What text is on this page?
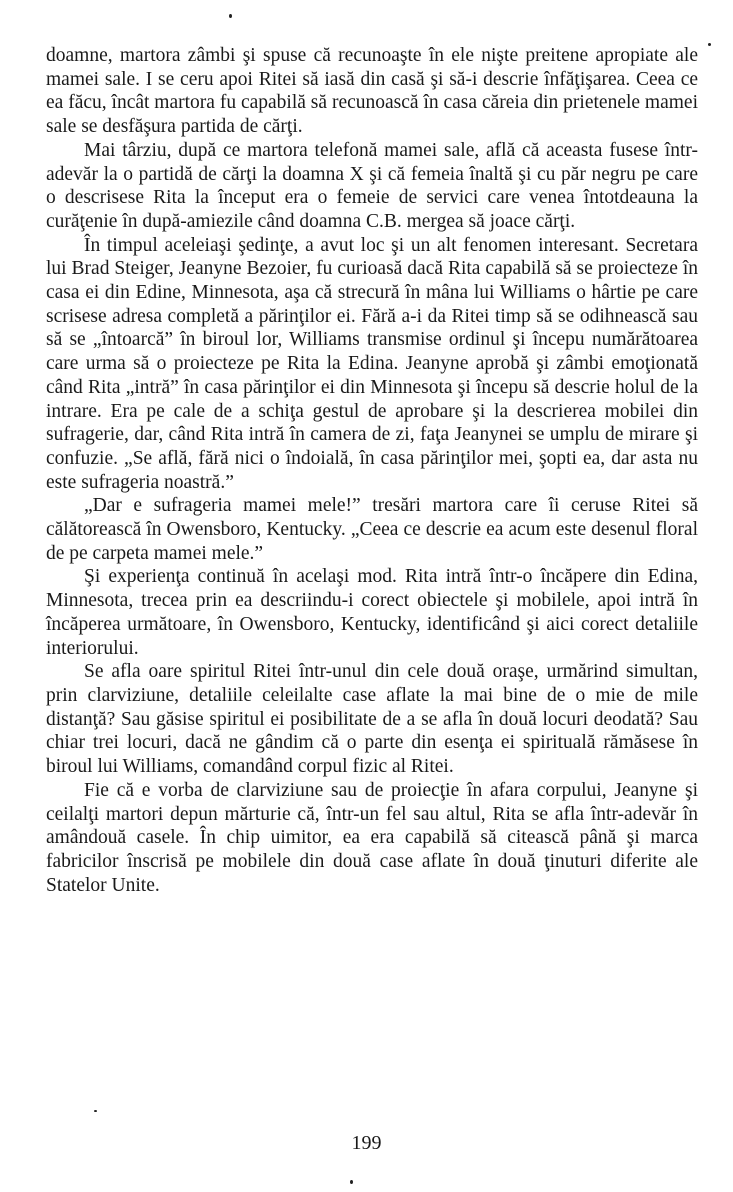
doamne, martora zâmbi şi spuse că recunoaşte în ele nişte preitene apropiate ale mamei sale. I se ceru apoi Ritei să iasă din casă şi să-i descrie înfăţişarea. Ceea ce ea făcu, încât martora fu capabilă să recunoască în casa căreia din prietenele mamei sale se desfăşura partida de cărţi.

Mai târziu, după ce martora telefonă mamei sale, află că aceasta fusese într-adevăr la o partidă de cărţi la doamna X şi că femeia înaltă şi cu păr negru pe care o descrisese Rita la început era o femeie de servici care venea întotdeauna la curăţenie în după-amiezile când doamna C.B. mergea să joace cărţi.

În timpul aceleiaşi şedinţe, a avut loc şi un alt fenomen interesant. Secretara lui Brad Steiger, Jeanyne Bezoier, fu curioasă dacă Rita capabilă să se proiecteze în casa ei din Edine, Minnesota, aşa că strecură în mâna lui Williams o hârtie pe care scrisese adresa completă a părinţilor ei. Fără a-i da Ritei timp să se odihnească sau să se „întoarcă” în biroul lor, Williams transmise ordinul şi începu numărătoarea care urma să o proiecteze pe Rita la Edina. Jeanyne aprobă şi zâmbi emoţionată când Rita „intră” în casa părinţilor ei din Minnesota şi începu să descrie holul de la intrare. Era pe cale de a schiţa gestul de aprobare şi la descrierea mobilei din sufragerie, dar, când Rita intră în camera de zi, faţa Jeanynei se umplu de mirare şi confuzie. „Se află, fără nici o îndoială, în casa părinţilor mei, şopti ea, dar asta nu este sufrageria noastră.”

„Dar e sufrageria mamei mele!” tresări martora care îi ceruse Ritei să călătorească în Owensboro, Kentucky. „Ceea ce descrie ea acum este desenul floral de pe carpeta mamei mele.”

Şi experienţa continuă în acelaşi mod. Rita intră într-o încăpere din Edina, Minnesota, trecea prin ea descriindu-i corect obiectele şi mobilele, apoi intră în încăperea următoare, în Owensboro, Kentucky, identificând şi aici corect detaliile interiorului.

Se afla oare spiritul Ritei într-unul din cele două oraşe, urmărind simultan, prin clarviziune, detaliile celeilalte case aflate la mai bine de o mie de mile distanţă? Sau găsise spiritul ei posibilitate de a se afla în două locuri deodată? Sau chiar trei locuri, dacă ne gândim că o parte din esenţa ei spirituală rămăsese în biroul lui Williams, comandând corpul fizic al Ritei.

Fie că e vorba de clarviziune sau de proiecţie în afara corpului, Jeanyne şi ceilalţi martori depun mărturie că, într-un fel sau altul, Rita se afla într-adevăr în amândouă casele. În chip uimitor, ea era capabilă să citească până şi marca fabricilor înscrisă pe mobilele din două case aflate în două ţinuturi diferite ale Statelor Unite.

199
